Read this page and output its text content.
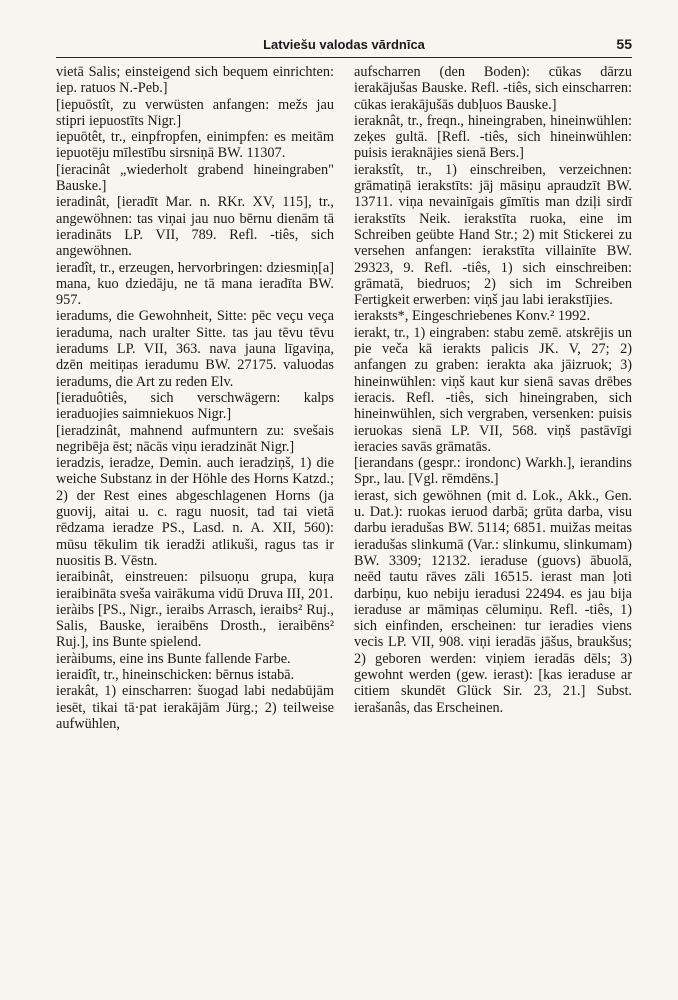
Latviešu valodas vārdnīca	55

vietā Salis; einsteigend sich bequem einrichten: iep. ratuos N.-Peb.]

[iepuōstît, zu verwüsten anfangen: mežs jau stipri iepuostīts Nigr.]

iepuōtêt, tr., einpfropfen, einimpfen: es meitām iepuotēju mīlestību sirsniņā BW. 11307.

[ieracinât „wiederholt grabend hineingraben" Bauske.]

ieradinât, [ieradīt Mar. n. RKr. XV, 115], tr., angewöhnen: tas viņai jau nuo bērnu dienām tā ieradināts LP. VII, 789. Refl. -tiês, sich angewöhnen.

ieradît, tr., erzeugen, hervorbringen: dziesmiņ[a] mana, kuo dziedāju, ne tā mana ieradīta BW. 957.

ieradums, die Gewohnheit, Sitte: pēc veçu veça ieraduma, nach uralter Sitte. tas jau tēvu tēvu ieradums LP. VII, 363. nava jauna līgaviņa, dzēn meitiņas ieradumu BW. 27175. valuodas ieradums, die Art zu reden Elv.

[ieraduôtiês, sich verschwägern: kalps ieraduojies saimniekuos Nigr.]

[ieradzinât, mahnend aufmuntern zu: svešais negribēja ēst; nācās viņu ieradzināt Nigr.]

ieradzis, ieradze, Demin. auch ieradziņš, 1) die weiche Substanz in der Höhle des Horns Katzd.; 2) der Rest eines abgeschlagenen Horns (ja guovij, aitai u. c. ragu nuosit, tad tai vietā rēdzama ieradze PS., Lasd. n. A. XII, 560): mūsu tēkulim tik ieradži atlikuši, ragus tas ir nuositis B. Vēstn.

ieraibinât, einstreuen: pilsuoņu grupa, kuŗa ieraibināta sveša vairākuma vidū Druva III, 201.

ieràibs [PS., Nigr., ieraibs Arrasch, ieraibs² Ruj., Salis, Bauske, ieraibēns Drosth., ieraibēns² Ruj.], ins Bunte spielend.

ieràibums, eine ins Bunte fallende Farbe.

ieraidît, tr., hineinschicken: bērnus istabā.

ierakât, 1) einscharren: šuogad labi nedabūjām iesēt, tikai tā·pat ierakājām Jürg.; 2) teilweise aufwühlen,

aufscharren (den Boden): cūkas dārzu ierakājušas Bauske. Refl. -tiês, sich einscharren: cūkas ierakājušās dubļuos Bauske.]

ieraknât, tr., freqn., hineingraben, hineinwühlen: zeķes gultā. [Refl. -tiês, sich hineinwühlen: puisis ieraknājies sienā Bers.]

ierakstît, tr., 1) einschreiben, verzeichnen: grāmatiņā ierakstīts: jāj māsiņu apraudzīt BW. 13711. viņa nevainīgais gīmītis man dziļi sirdī ierakstīts Neik. ierakstīta ruoka, eine im Schreiben geübte Hand Str.; 2) mit Stickerei zu versehen anfangen: ierakstīta villainīte BW. 29323, 9. Refl. -tiês, 1) sich einschreiben: grāmatā, biedruos; 2) sich im Schreiben Fertigkeit erwerben: viņš jau labi ierakstījies.

ieraksts*, Eingeschriebenes Konv.² 1992.

ierakt, tr., 1) eingraben: stabu zemē. atskrējis un pie veča kā ierakts palicis JK. V, 27; 2) anfangen zu graben: ierakta aka jāizruok; 3) hineinwühlen: viņš kaut kur sienā savas drēbes ieracis. Refl. -tiês, sich hineingraben, sich hineinwühlen, sich vergraben, versenken: puisis ieruokas sienā LP. VII, 568. viņš pastāvīgi ieracies savās grāmatās.

[ierandans (gespr.: irondonc) Warkh.], ierandins Spr., lau. [Vgl. rēmdēns.]

ierast, sich gewöhnen (mit d. Lok., Akk., Gen. u. Dat.): ruokas ieruod darbā; grūta darba, visu darbu ieradušas BW. 5114; 6851. muižas meitas ieradušas slinkumā (Var.: slinkumu, slinkumam) BW. 3309; 12132. ieraduse (guovs) ābuolā, neēd tautu rāves zāli 16515. ierast man ļoti darbiņu, kuo nebiju ieradusi 22494. es jau bija ieradusе ar māmiņas cēlumiņu. Refl. -tiês, 1) sich einfinden, erscheinen: tur ieradies viens vecis LP. VII, 908. viņi ieradās jāšus, braukšus; 2) geboren werden: viņiem ieradās dēls; 3) gewohnt werden (gew. ierast): [kas ieraduse ar citiem skundēt Glück Sir. 23, 21.] Subst. ierašanâs, das Erscheinen.
